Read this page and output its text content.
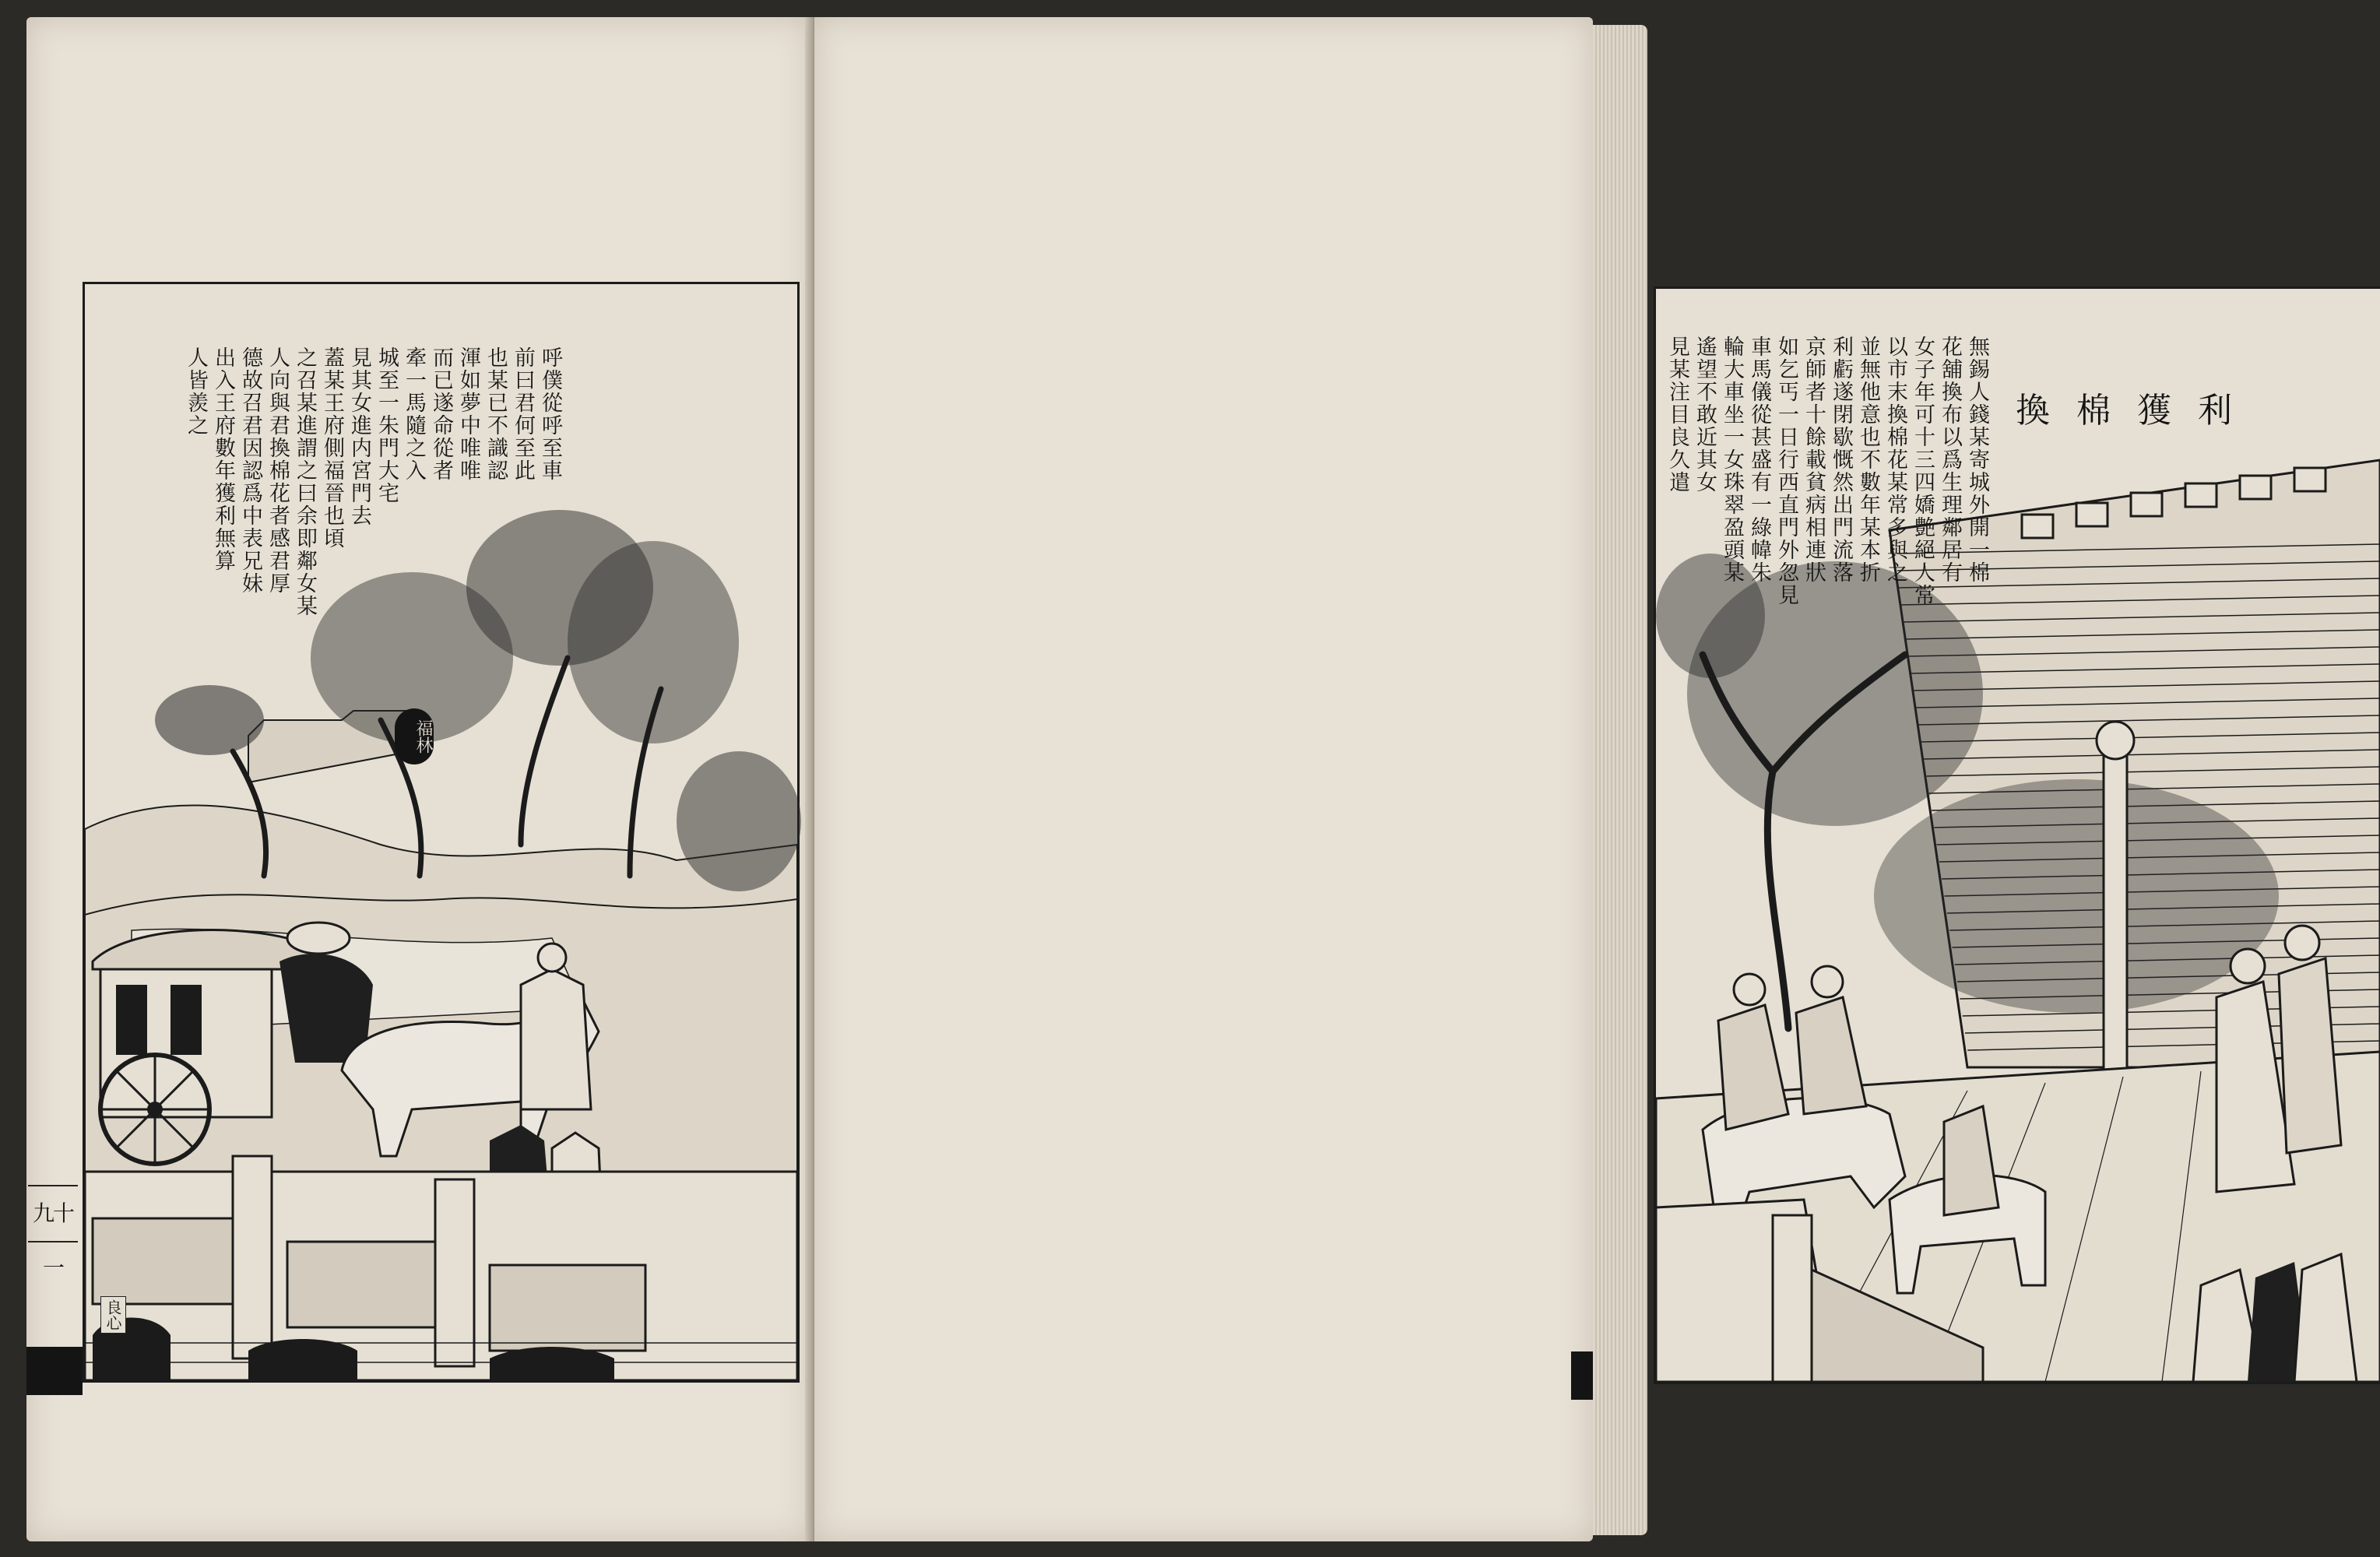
九十一
呼僕從呼至車
前曰君何至此
也某已不識認
渾如夢中唯唯
而已遂命從者
牽一馬隨之入
城至一朱門大宅
見其女進内宮門去
蓋某王府側福晉也頃
之召某進謂之曰余即鄰女某
人向與君換棉花者感君厚
德故召君因認爲中表兄妹
出入王府數年獲利無算
人皆羨之
福林
良心
換棉獲利
無錫人錢某寄城外開一棉
花舖換布以爲生理鄰居有
女子年可十三四嬌艶絕人常
以市末換棉花某常多與之
並無他意也不數年某本折
利虧遂閉歇慨然出門流落
京師者十餘載貧病相連狀
如乞丐一日行西直門外忽見
車馬儀從甚盛有一綠幃朱
輪大車坐一女珠翠盈頭某
遙望不敢近其女
見某注目良久遣
